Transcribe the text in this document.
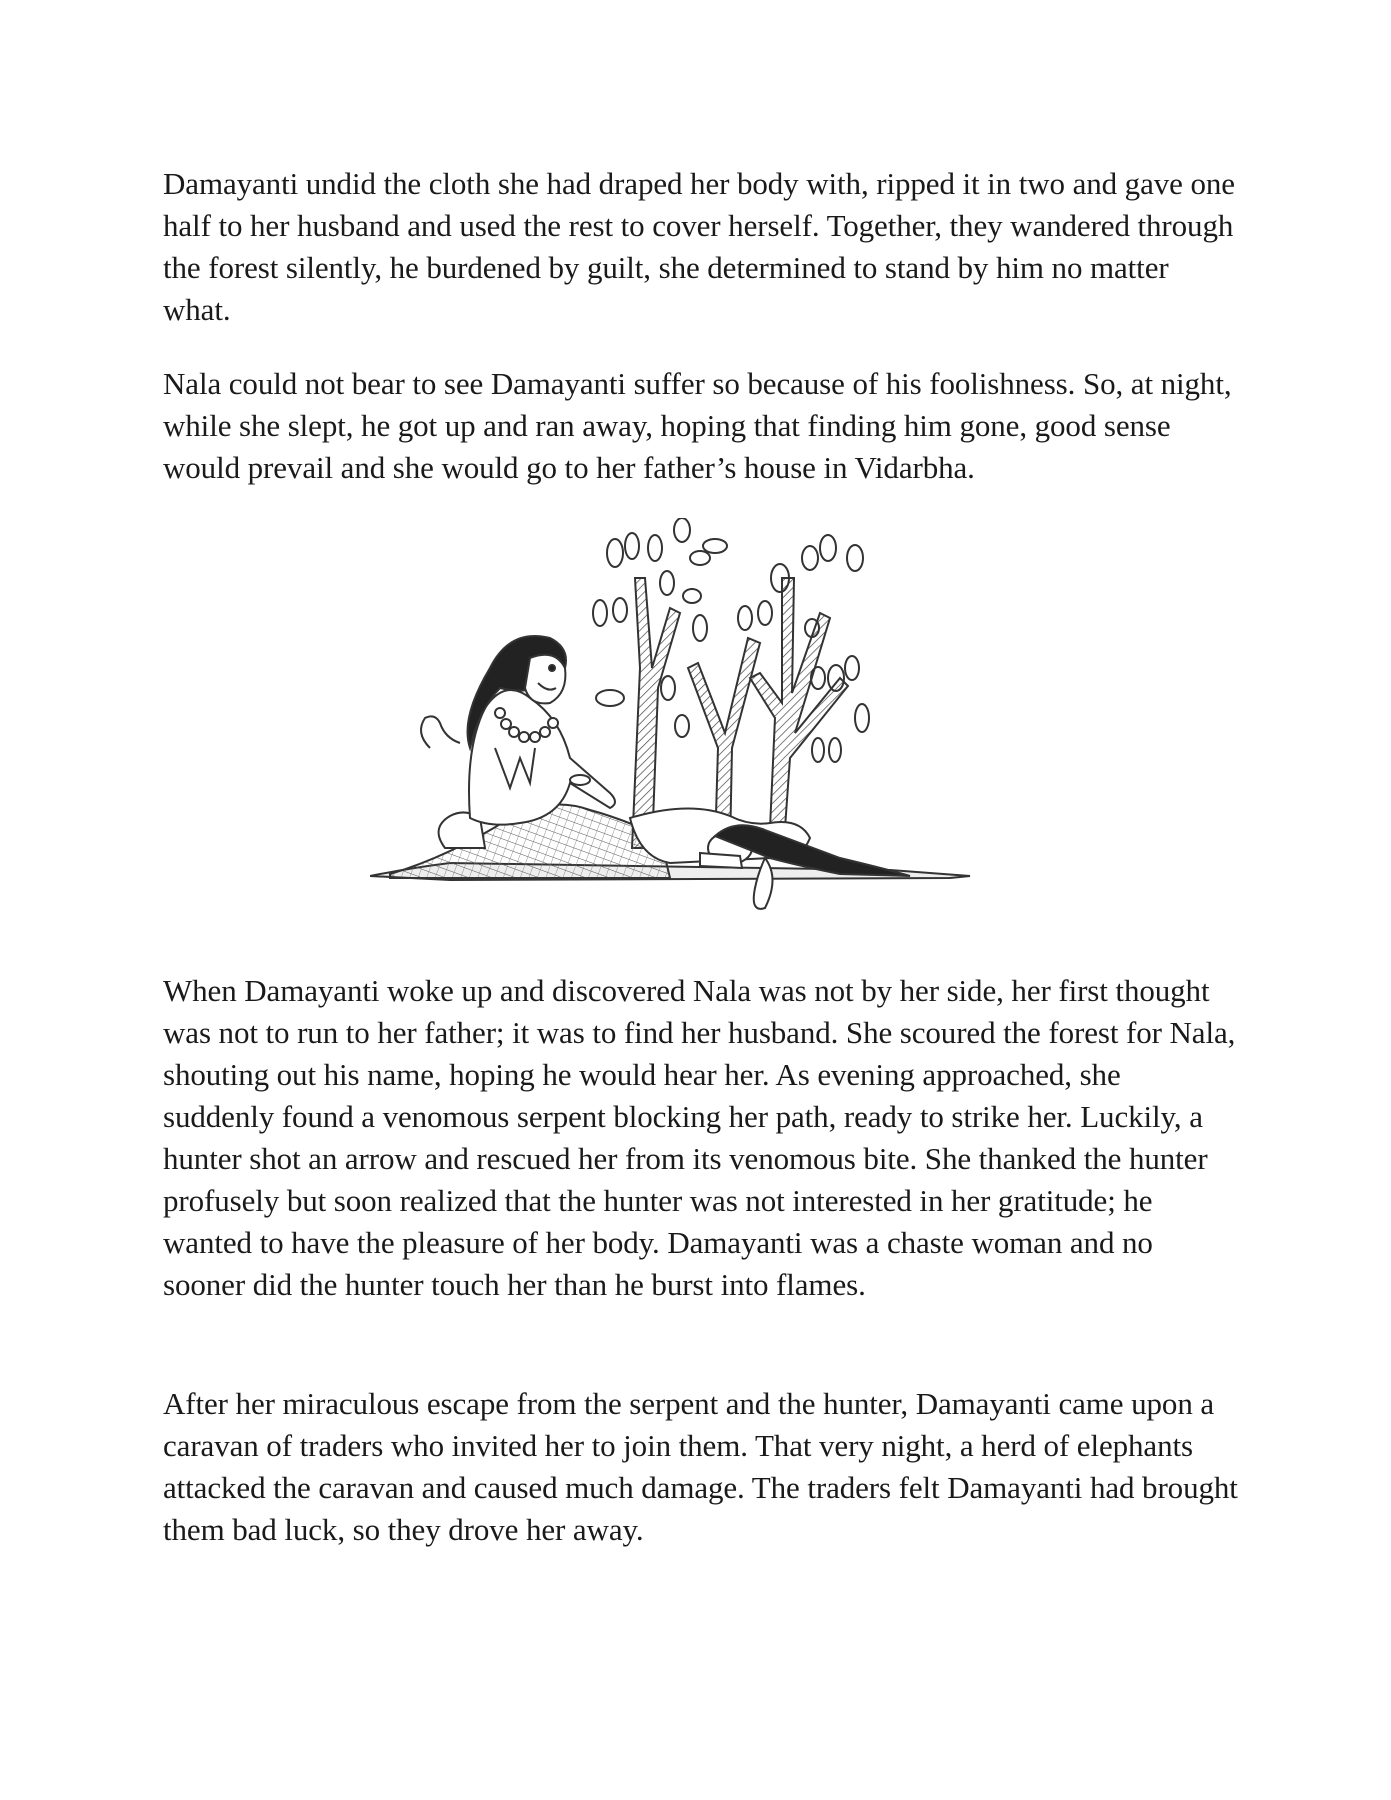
Damayanti undid the cloth she had draped her body with, ripped it in two and gave one half to her husband and used the rest to cover herself. Together, they wandered through the forest silently, he burdened by guilt, she determined to stand by him no matter what.

Nala could not bear to see Damayanti suffer so because of his foolishness. So, at night, while she slept, he got up and ran away, hoping that finding him gone, good sense would prevail and she would go to her father’s house in Vidarbha.

When Damayanti woke up and discovered Nala was not by her side, her first thought was not to run to her father; it was to find her husband. She scoured the forest for Nala, shouting out his name, hoping he would hear her. As evening approached, she suddenly found a venomous serpent blocking her path, ready to strike her. Luckily, a hunter shot an arrow and rescued her from its venomous bite. She thanked the hunter profusely but soon realized that the hunter was not interested in her gratitude; he wanted to have the pleasure of her body. Damayanti was a chaste woman and no sooner did the hunter touch her than he burst into flames.

After her miraculous escape from the serpent and the hunter, Damayanti came upon a caravan of traders who invited her to join them. That very night, a herd of elephants attacked the caravan and caused much damage. The traders felt Damayanti had brought them bad luck, so they drove her away.
